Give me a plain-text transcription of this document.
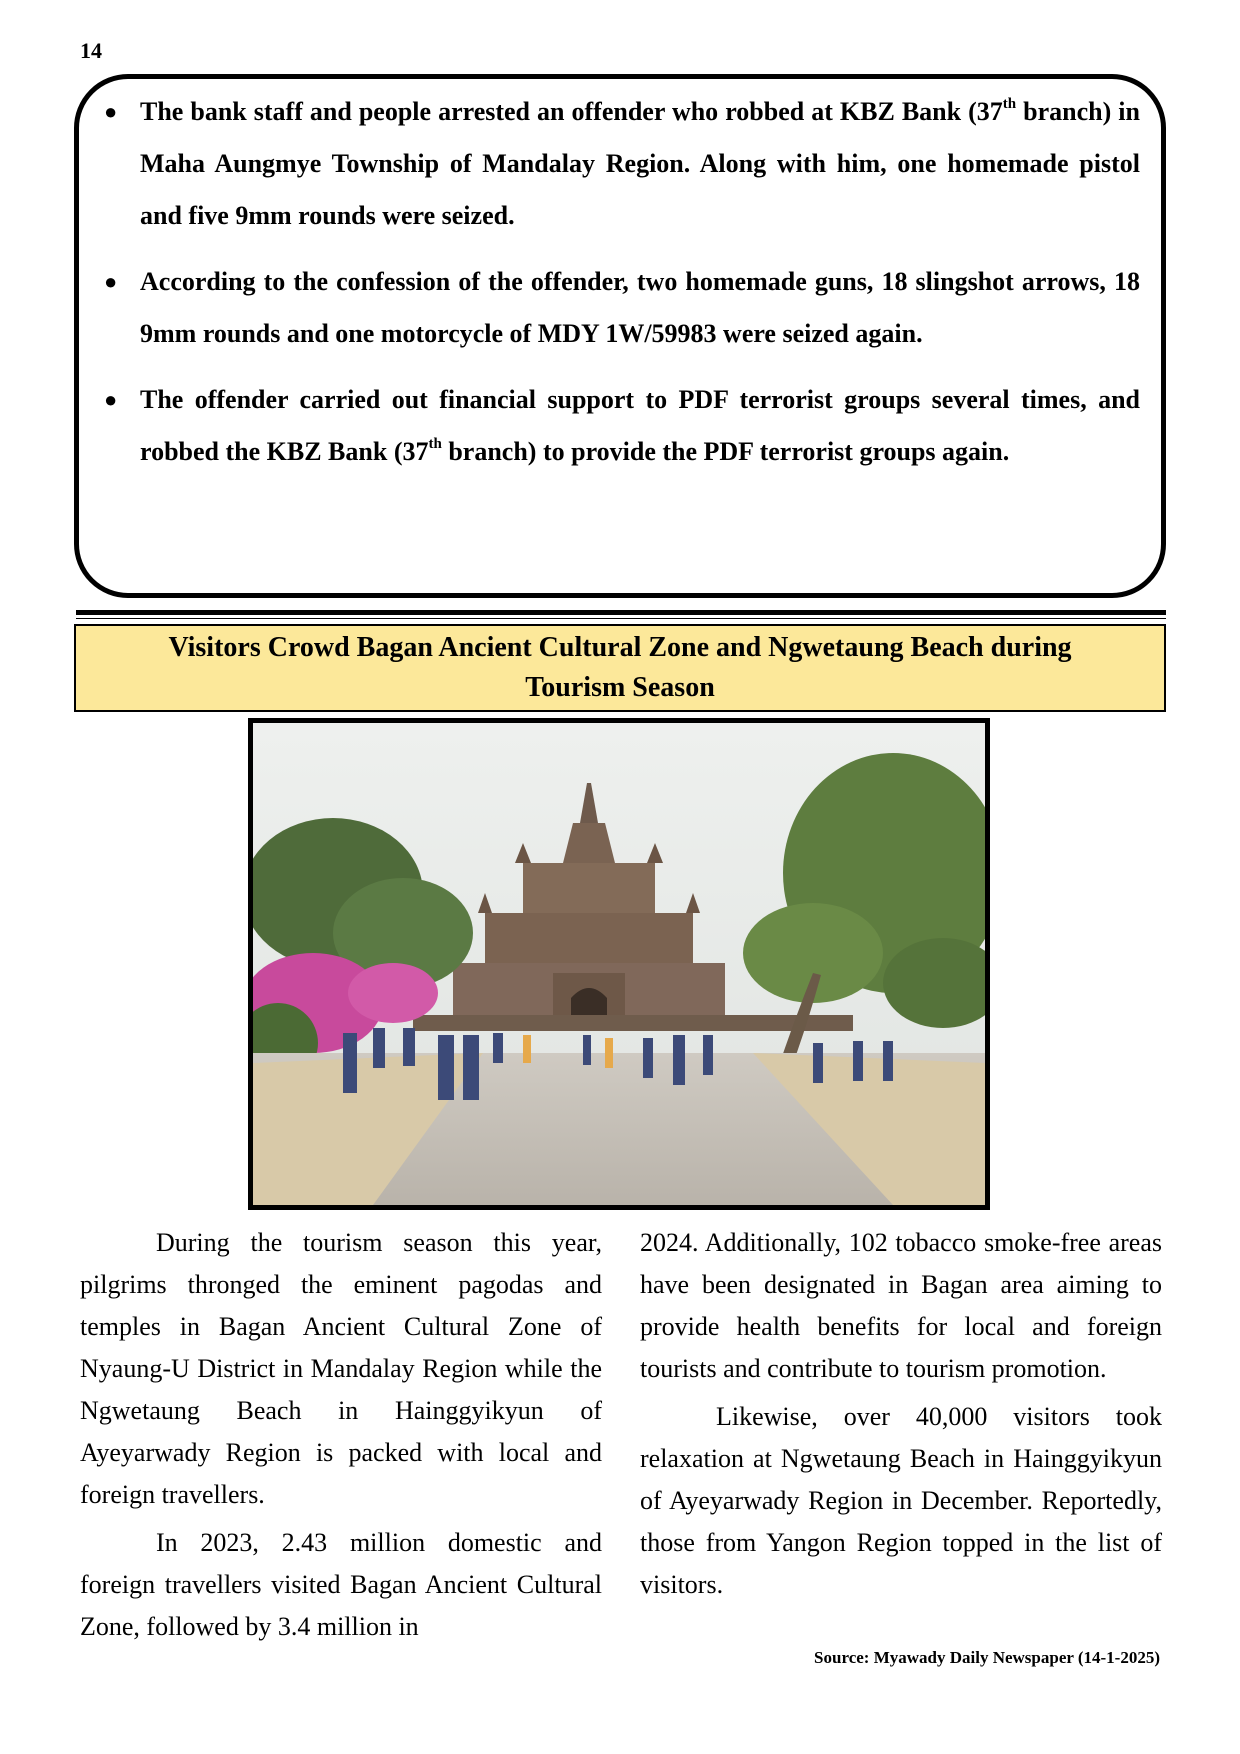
14
● The bank staff and people arrested an offender who robbed at KBZ Bank (37th branch) in Maha Aungmye Township of Mandalay Region. Along with him, one homemade pistol and five 9mm rounds were seized.
● According to the confession of the offender, two homemade guns, 18 slingshot arrows, 18 9mm rounds and one motorcycle of MDY 1W/59983 were seized again.
● The offender carried out financial support to PDF terrorist groups several times, and robbed the KBZ Bank (37th branch) to provide the PDF terrorist groups again.
Visitors Crowd Bagan Ancient Cultural Zone and Ngwetaung Beach during Tourism Season

During the tourism season this year, pilgrims thronged the eminent pagodas and temples in Bagan Ancient Cultural Zone of Nyaung-U District in Mandalay Region while the Ngwetaung Beach in Hainggyikyun of Ayeyarwady Region is packed with local and foreign travellers.

In 2023, 2.43 million domestic and foreign travellers visited Bagan Ancient Cultural Zone, followed by 3.4 million in

2024. Additionally, 102 tobacco smoke-free areas have been designated in Bagan area aiming to provide health benefits for local and foreign tourists and contribute to tourism promotion.

Likewise, over 40,000 visitors took relaxation at Ngwetaung Beach in Hainggyikyun of Ayeyarwady Region in December. Reportedly, those from Yangon Region topped in the list of visitors.

Source: Myawady Daily Newspaper (14-1-2025)
